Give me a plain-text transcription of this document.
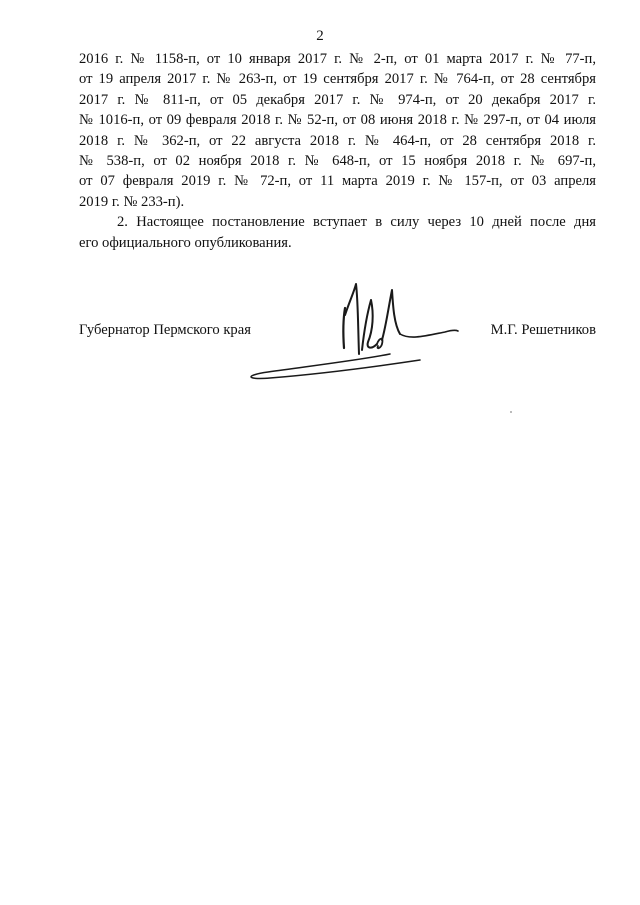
2
2016 г. № 1158-п, от 10 января 2017 г. № 2-п, от 01 марта 2017 г. № 77-п,
от 19 апреля 2017 г. № 263-п, от 19 сентября 2017 г. № 764-п, от 28 сентября
2017 г. № 811-п, от 05 декабря 2017 г. № 974-п, от 20 декабря 2017 г.
№ 1016-п, от 09 февраля 2018 г. № 52-п, от 08 июня 2018 г. № 297-п, от 04 июля
2018 г. № 362-п, от 22 августа 2018 г. № 464-п, от 28 сентября 2018 г.
№ 538-п, от 02 ноября 2018 г. № 648-п, от 15 ноября 2018 г. № 697-п,
от 07 февраля 2019 г. № 72-п, от 11 марта 2019 г. № 157-п, от 03 апреля
2019 г. № 233-п).
2. Настоящее постановление вступает в силу через 10 дней после дня
его официального опубликования.
Губернатор Пермского края	М.Г. Решетников
